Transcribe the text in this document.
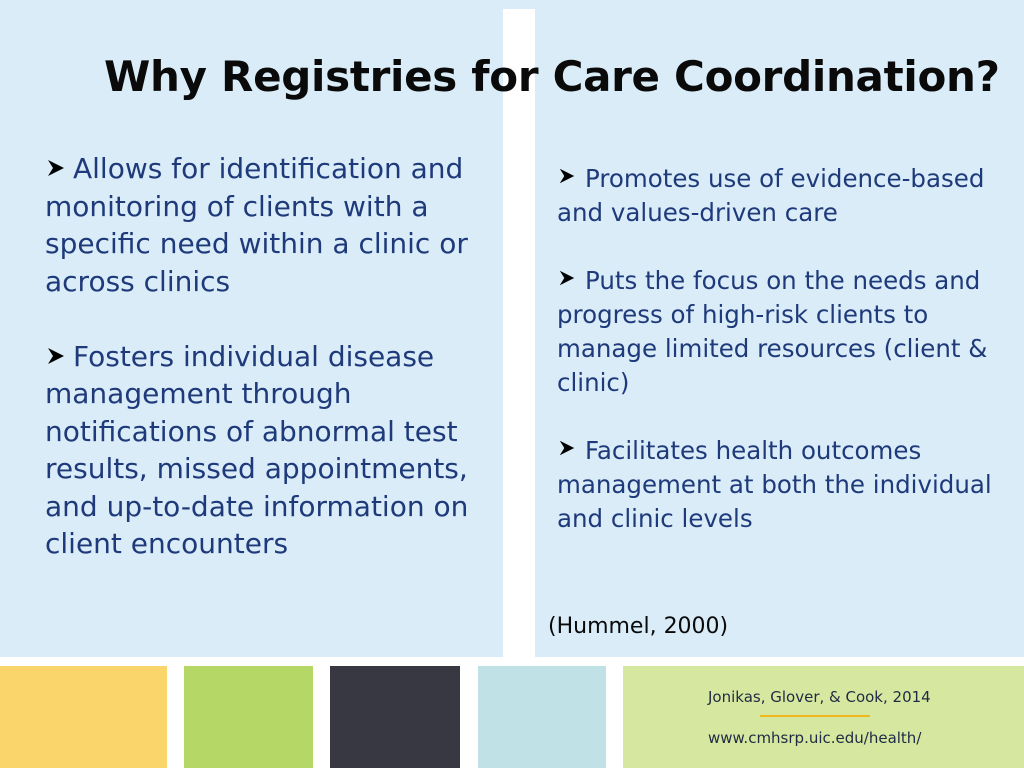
Why Registries for Care Coordination?

Allows for identification and monitoring of clients with a specific need within a clinic or across clinics

Fosters individual disease management through notifications of abnormal test results, missed appointments, and up-to-date information on client encounters

Promotes use of evidence-based and values-driven care

Puts the focus on the needs and progress of high-risk clients to manage limited resources (client & clinic)

Facilitates health outcomes management at both the individual and clinic levels

(Hummel, 2000)
Jonikas, Glover, & Cook, 2014
www.cmhsrp.uic.edu/health/
